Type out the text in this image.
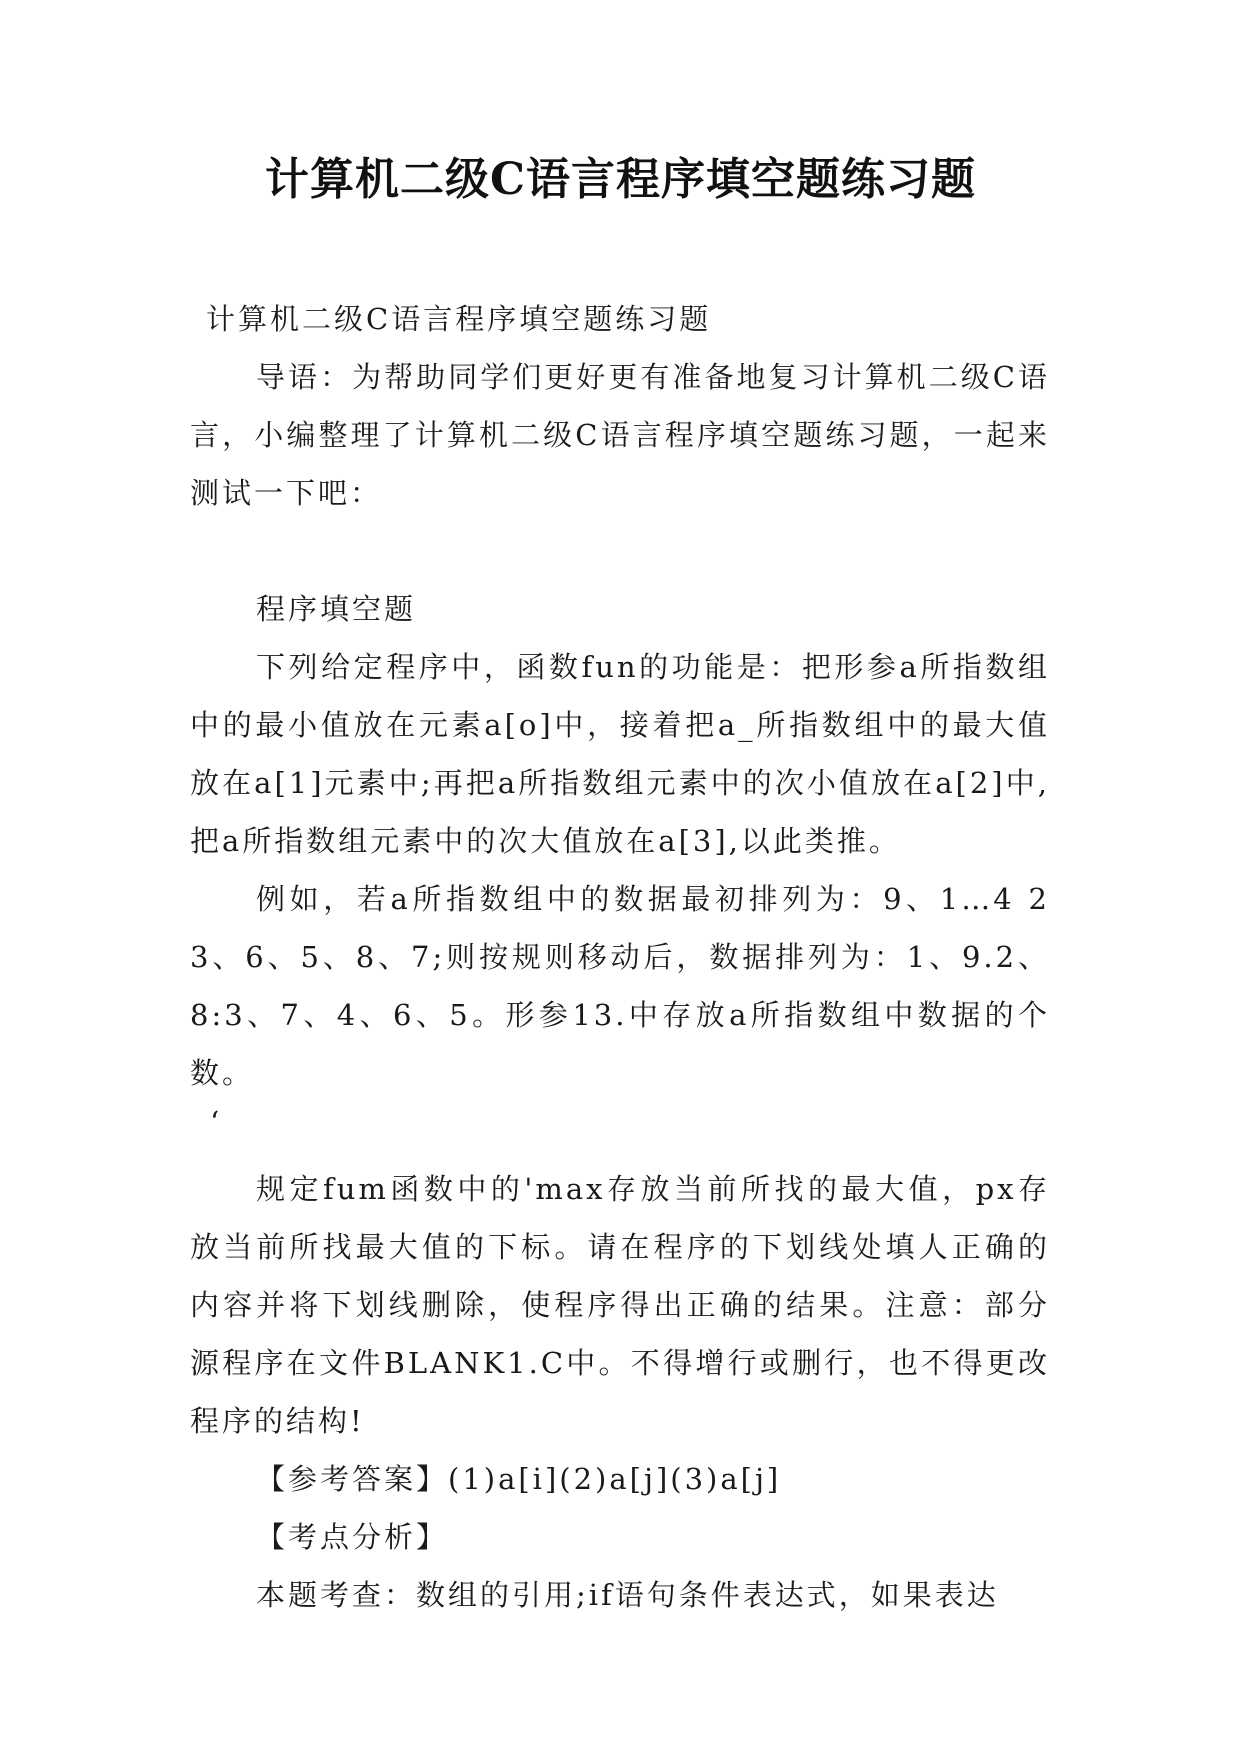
计算机二级C语言程序填空题练习题

计算机二级C语言程序填空题练习题

导语：为帮助同学们更好更有准备地复习计算机二级C语言，小编整理了计算机二级C语言程序填空题练习题，一起来测试一下吧：

程序填空题

下列给定程序中，函数fun的功能是：把形参a所指数组中的最小值放在元素a[o]中，接着把a_所指数组中的最大值放在a[1]元素中;再把a所指数组元素中的次小值放在a[2]中,把a所指数组元素中的次大值放在a[3],以此类推。

例如，若a所指数组中的数据最初排列为：9、1…4 2 3、6、5、8、7;则按规则移动后，数据排列为：1、9.2、8:3、7、4、6、5。形参13.中存放a所指数组中数据的个数。

‘

规定fum函数中的'max存放当前所找的最大值，px存放当前所找最大值的下标。请在程序的下划线处填人正确的内容并将下划线删除，使程序得出正确的结果。注意：部分源程序在文件BLANK1.C中。不得增行或删行，也不得更改程序的结构!

【参考答案】(1)a[i](2)a[j](3)a[j]

【考点分析】

本题考查：数组的引用;if语句条件表达式，如果表达
